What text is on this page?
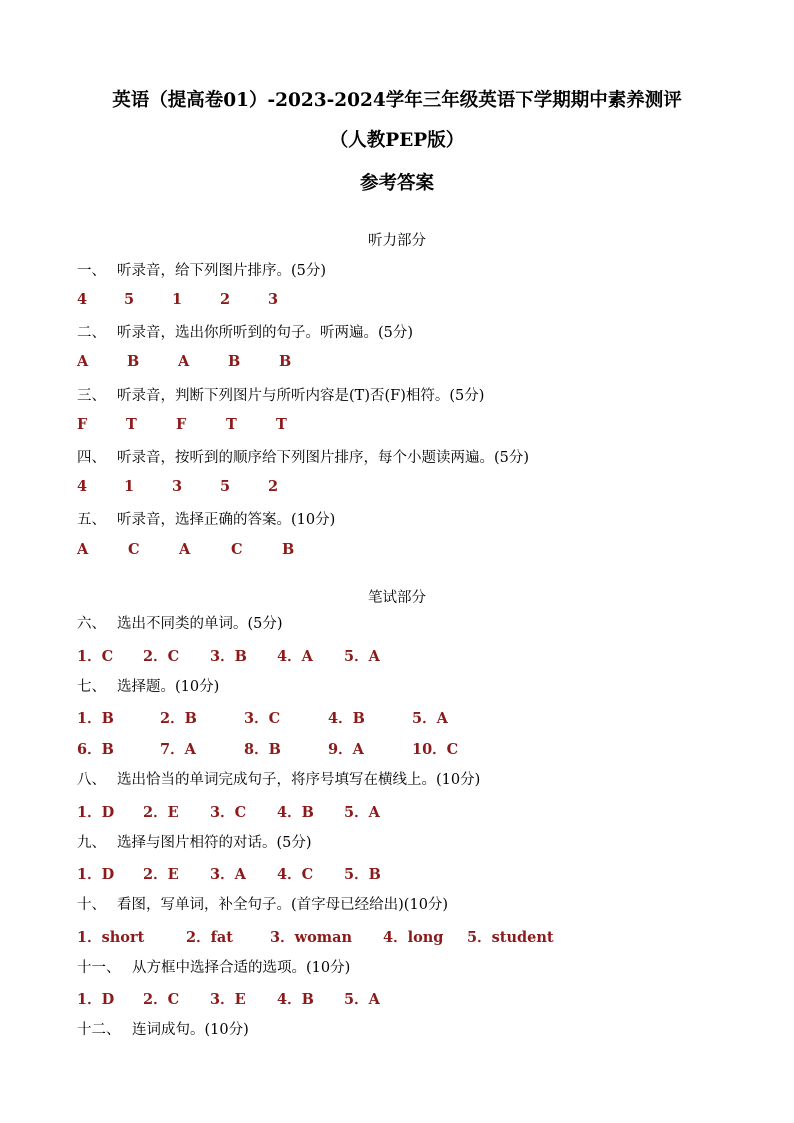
英语（提高卷01）-2023-2024学年三年级英语下学期期中素养测评
（人教PEP版）
参考答案
听力部分
一、 听录音，给下列图片排序。(5分)
4	5	1	2	3
二、 听录音，选出你所听到的句子。听两遍。(5分)
A	B	A	B	B
三、 听录音，判断下列图片与所听内容是(T)否(F)相符。(5分)
F	T	F	T	T
四、 听录音，按听到的顺序给下列图片排序，每个小题读两遍。(5分)
4	1	3	5	2
五、 听录音，选择正确的答案。(10分)
A	C	A	C	B
笔试部分
六、 选出不同类的单词。(5分)
1．C 2．C 3．B 4．A 5．A
七、 选择题。(10分)
1．B	2．B	3．C	4．B	5．A
6．B	7．A	8．B	9．A	10．C
八、 选出恰当的单词完成句子，将序号填写在横线上。(10分)
1．D 2．E 3．C 4．B 5．A
九、 选择与图片相符的对话。(5分)
1．D 2．E 3．A 4．C 5．B
十、 看图，写单词，补全句子。(首字母已经给出)(10分)
1．short	2．fat	3．woman 4．long 5．student
十一、 从方框中选择合适的选项。(10分)
1．D 2．C 3．E 4．B 5．A
十二、 连词成句。(10分)
